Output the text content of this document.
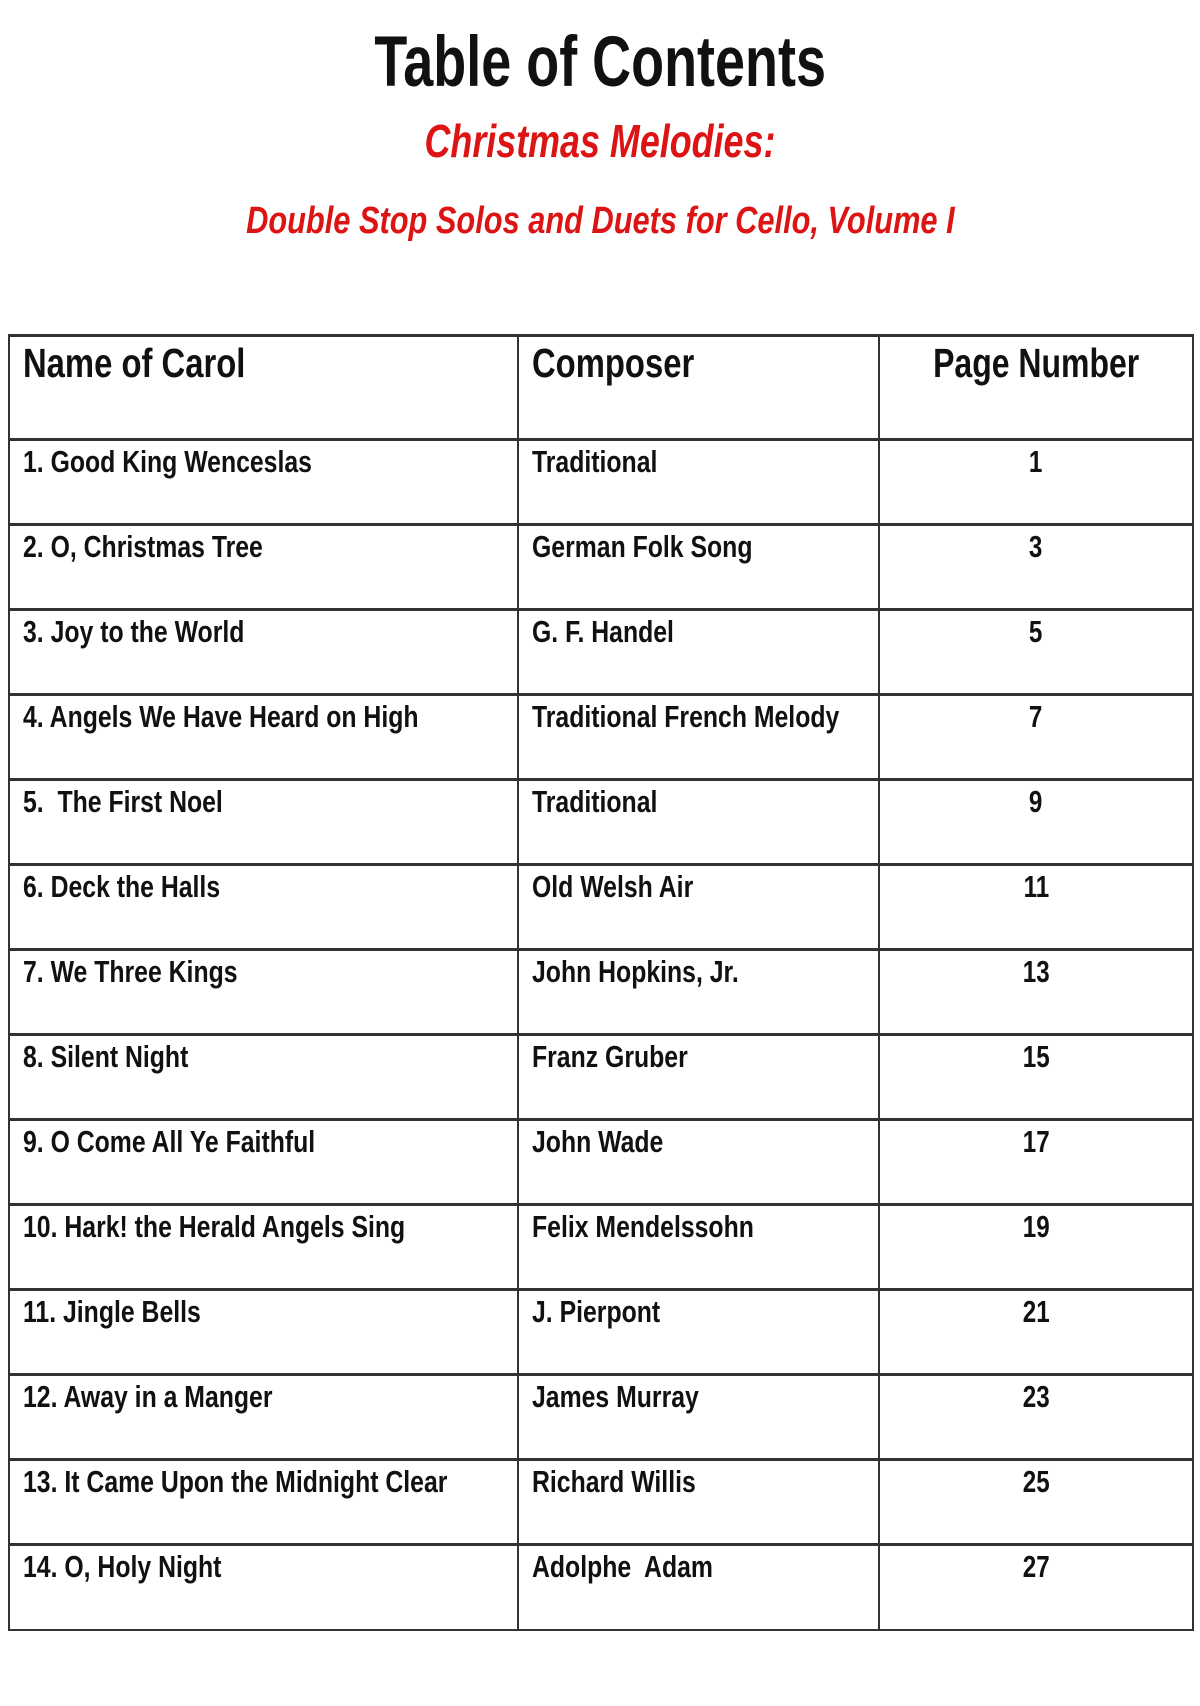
Table of Contents
Christmas Melodies:
Double Stop Solos and Duets for Cello, Volume I
Name of Carol	Composer	Page Number
1. Good King Wenceslas	Traditional	1
2. O, Christmas Tree	German Folk Song	3
3. Joy to the World	G. F. Handel	5
4. Angels We Have Heard on High	Traditional French Melody	7
5.  The First Noel	Traditional	9
6. Deck the Halls	Old Welsh Air	11
7. We Three Kings	John Hopkins, Jr.	13
8. Silent Night	Franz Gruber	15
9. O Come All Ye Faithful	John Wade	17
10. Hark! the Herald Angels Sing	Felix Mendelssohn	19
11. Jingle Bells	J. Pierpont	21
12. Away in a Manger	James Murray	23
13. It Came Upon the Midnight Clear	Richard Willis	25
14. O, Holy Night	Adolphe  Adam	27
